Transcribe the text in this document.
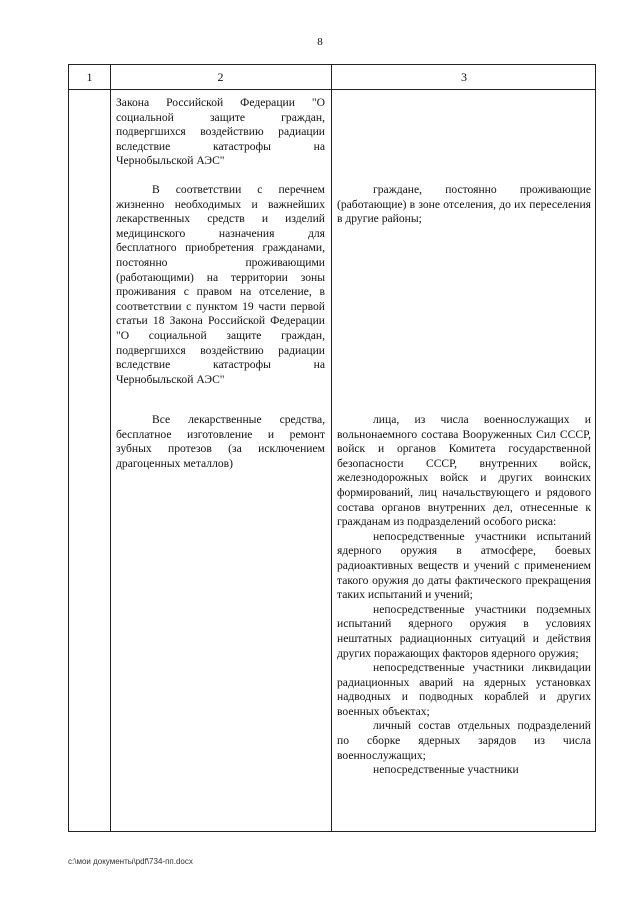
8
1	2	3

Закона Российской Федерации "О социальной защите граждан, подвергшихся воздействию радиации вследствие катастрофы на Чернобыльской АЭС"

В соответствии с перечнем жизненно необходимых и важнейших лекарственных средств и изделий медицинского назначения для бесплатного приобретения гражданами, постоянно проживающими (работающими) на территории зоны проживания с правом на отселение, в соответствии с пунктом 19 части первой статьи 18 Закона Российской Федерации "О социальной защите граждан, подвергшихся воздействию радиации вследствие катастрофы на Чернобыльской АЭС"

Все лекарственные средства, бесплатное изготовление и ремонт зубных протезов (за исключением драгоценных металлов)

граждане, постоянно проживающие (работающие) в зоне отселения, до их переселения в другие районы;

лица, из числа военнослужащих и вольнонаемного состава Вооруженных Сил СССР, войск и органов Комитета государственной безопасности СССР, внутренних войск, железнодорожных войск и других воинских формирований, лиц начальствующего и рядового состава органов внутренних дел, отнесенные к гражданам из подразделений особого риска:

непосредственные участники испытаний ядерного оружия в атмосфере, боевых радиоактивных веществ и учений с применением такого оружия до даты фактического прекращения таких испытаний и учений;

непосредственные участники подземных испытаний ядерного оружия в условиях нештатных радиационных ситуаций и действия других поражающих факторов ядерного оружия;

непосредственные участники ликвидации радиационных аварий на ядерных установках надводных и подводных кораблей и других военных объектах;

личный состав отдельных подразделений по сборке ядерных зарядов из числа военнослужащих;

непосредственные участники

c:\мои документы\pdf\734-пп.docx
